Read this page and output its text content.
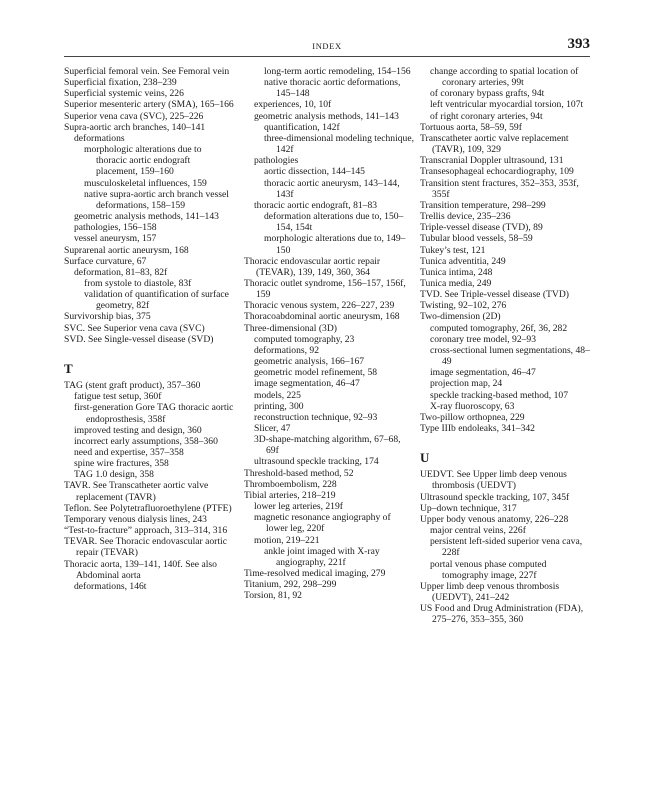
INDEX	393
Superficial femoral vein. See Femoral vein
Superficial fixation, 238–239
Superficial systemic veins, 226
Superior mesenteric artery (SMA), 165–166
Superior vena cava (SVC), 225–226
Supra-aortic arch branches, 140–141
deformations
morphologic alterations due to thoracic aortic endograft placement, 159–160
musculoskeletal influences, 159
native supra-aortic arch branch vessel deformations, 158–159
geometric analysis methods, 141–143
pathologies, 156–158
vessel aneurysm, 157
Suprarenal aortic aneurysm, 168
Surface curvature, 67
deformation, 81–83, 82f
from systole to diastole, 83f
validation of quantification of surface geometry, 82f
Survivorship bias, 375
SVC. See Superior vena cava (SVC)
SVD. See Single-vessel disease (SVD)
T
TAG (stent graft product), 357–360
fatigue test setup, 360f
first-generation Gore TAG thoracic aortic endoprosthesis, 358f
improved testing and design, 360
incorrect early assumptions, 358–360
need and expertise, 357–358
spine wire fractures, 358
TAG 1.0 design, 358
TAVR. See Transcatheter aortic valve replacement (TAVR)
Teflon. See Polytetrafluoroethylene (PTFE)
Temporary venous dialysis lines, 243
“Test-to-fracture” approach, 313–314, 316
TEVAR. See Thoracic endovascular aortic repair (TEVAR)
Thoracic aorta, 139–141, 140f. See also Abdominal aorta
deformations, 146t
long-term aortic remodeling, 154–156
native thoracic aortic deformations, 145–148
experiences, 10, 10f
geometric analysis methods, 141–143
quantification, 142f
three-dimensional modeling technique, 142f
pathologies
aortic dissection, 144–145
thoracic aortic aneurysm, 143–144, 143f
thoracic aortic endograft, 81–83
deformation alterations due to, 150–154, 154t
morphologic alterations due to, 149–150
Thoracic endovascular aortic repair (TEVAR), 139, 149, 360, 364
Thoracic outlet syndrome, 156–157, 156f, 159
Thoracic venous system, 226–227, 239
Thoracoabdominal aortic aneurysm, 168
Three-dimensional (3D)
computed tomography, 23
deformations, 92
geometric analysis, 166–167
geometric model refinement, 58
image segmentation, 46–47
models, 225
printing, 300
reconstruction technique, 92–93
Slicer, 47
3D-shape-matching algorithm, 67–68, 69f
ultrasound speckle tracking, 174
Threshold-based method, 52
Thromboembolism, 228
Tibial arteries, 218–219
lower leg arteries, 219f
magnetic resonance angiography of lower leg, 220f
motion, 219–221
ankle joint imaged with X-ray angiography, 221f
Time-resolved medical imaging, 279
Titanium, 292, 298–299
Torsion, 81, 92
change according to spatial location of coronary arteries, 99t
of coronary bypass grafts, 94t
left ventricular myocardial torsion, 107t
of right coronary arteries, 94t
Tortuous aorta, 58–59, 59f
Transcatheter aortic valve replacement (TAVR), 109, 329
Transcranial Doppler ultrasound, 131
Transesophageal echocardiography, 109
Transition stent fractures, 352–353, 353f, 355f
Transition temperature, 298–299
Trellis device, 235–236
Triple-vessel disease (TVD), 89
Tubular blood vessels, 58–59
Tukey’s test, 121
Tunica adventitia, 249
Tunica intima, 248
Tunica media, 249
TVD. See Triple-vessel disease (TVD)
Twisting, 92–102, 276
Two-dimension (2D)
computed tomography, 26f, 36, 282
coronary tree model, 92–93
cross-sectional lumen segmentations, 48–49
image segmentation, 46–47
projection map, 24
speckle tracking-based method, 107
X-ray fluoroscopy, 63
Two-pillow orthopnea, 229
Type IIIb endoleaks, 341–342
U
UEDVT. See Upper limb deep venous thrombosis (UEDVT)
Ultrasound speckle tracking, 107, 345f
Up–down technique, 317
Upper body venous anatomy, 226–228
major central veins, 226f
persistent left-sided superior vena cava, 228f
portal venous phase computed tomography image, 227f
Upper limb deep venous thrombosis (UEDVT), 241–242
US Food and Drug Administration (FDA), 275–276, 353–355, 360
